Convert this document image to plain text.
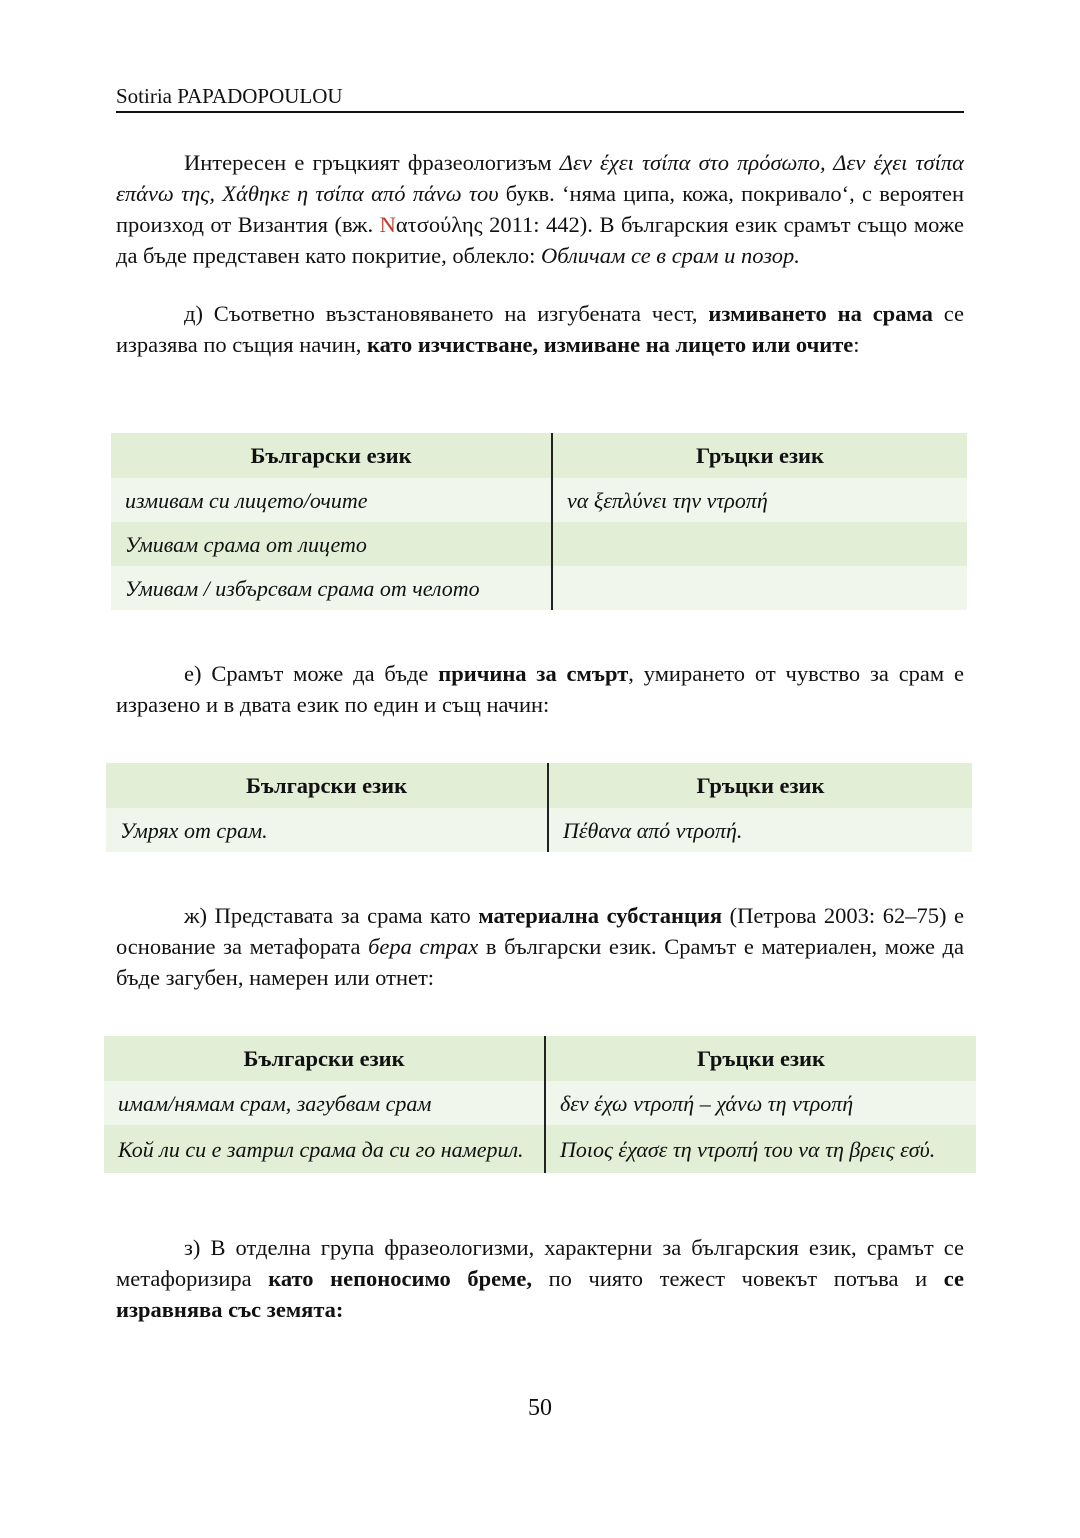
Sotiria PAPADOPOULOU

Интересен е гръцкият фразеологизъм Δεν έχει τσίπα στο πρόσωπο, Δεν έχει τσίπα επάνω της, Χάθηκε η τσίπα από πάνω του букв. ‘няма ципа, кожа, покривало‘, с вероятен произход от Византия (вж. Nατσούλης 2011: 442). В българския език срамът също може да бъде представен като покритие, облекло: Обличам се в срам и позор.

д) Съответно възстановяването на изгубената чест, измиването на срама се изразява по същия начин, като изчистване, измиване на лицето или очите:

Български език	Гръцки език
измивам си лицето/очите	να ξεπλύνει την ντροπή
Умивам срама от лицето	
Умивам / избърсвам срама от челото	

е) Срамът може да бъде причина за смърт, умирането от чувство за срам е изразено и в двата език по един и същ начин:

Български език	Гръцки език
Умрях от срам.	Πέθανα από ντροπή.

ж) Представата за срама като материална субстанция (Петрова 2003: 62–75) е основание за метафората бера страх в български език. Срамът е материален, може да бъде загубен, намерен или отнет:

Български език	Гръцки език
имам/нямам срам, загубвам срам	δεν έχω ντροπή – χάνω τη ντροπή
Кой ли си е затрил срама да си го намерил.	Ποιος έχασε τη ντροπή του να τη βρεις εσύ.

з) В отделна група фразеологизми, характерни за българския език, срамът се метафоризира като непоносимо бреме, по чиято тежест човекът потъва и се изравнява със земята:

50
